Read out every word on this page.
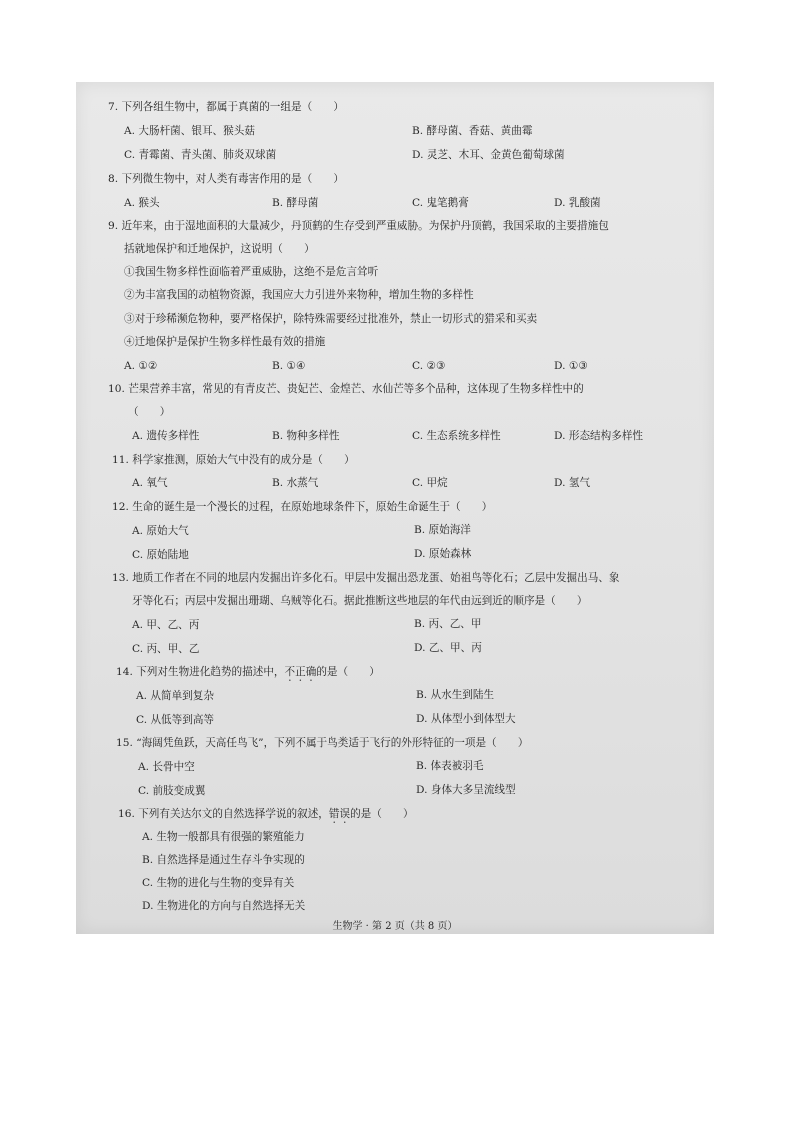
7. 下列各组生物中，都属于真菌的一组是（　　）
A. 大肠杆菌、银耳、猴头菇	B. 酵母菌、香菇、黄曲霉
C. 青霉菌、青头菌、肺炎双球菌	D. 灵芝、木耳、金黄色葡萄球菌
8. 下列微生物中，对人类有毒害作用的是（　　）
A. 猴头	B. 酵母菌	C. 鬼笔鹅膏	D. 乳酸菌
9. 近年来，由于湿地面积的大量减少，丹顶鹤的生存受到严重威胁。为保护丹顶鹤，我国采取的主要措施包
括就地保护和迁地保护，这说明（　　）
①我国生物多样性面临着严重威胁，这绝不是危言耸听
②为丰富我国的动植物资源，我国应大力引进外来物种，增加生物的多样性
③对于珍稀濒危物种，要严格保护，除特殊需要经过批准外，禁止一切形式的猎采和买卖
④迁地保护是保护生物多样性最有效的措施
A. ①②	B. ①④	C. ②③	D. ①③
10. 芒果营养丰富，常见的有青皮芒、贵妃芒、金煌芒、水仙芒等多个品种，这体现了生物多样性中的
（　　）
A. 遗传多样性	B. 物种多样性	C. 生态系统多样性	D. 形态结构多样性
11. 科学家推测，原始大气中没有的成分是（　　）
A. 氧气	B. 水蒸气	C. 甲烷	D. 氢气
12. 生命的诞生是一个漫长的过程，在原始地球条件下，原始生命诞生于（　　）
A. 原始大气	B. 原始海洋
C. 原始陆地	D. 原始森林
13. 地质工作者在不同的地层内发掘出许多化石。甲层中发掘出恐龙蛋、始祖鸟等化石；乙层中发掘出马、象
牙等化石；丙层中发掘出珊瑚、乌贼等化石。据此推断这些地层的年代由远到近的顺序是（　　）
A. 甲、乙、丙	B. 丙、乙、甲
C. 丙、甲、乙	D. 乙、甲、丙
14. 下列对生物进化趋势的描述中，不正确的是（　　）
A. 从简单到复杂	B. 从水生到陆生
C. 从低等到高等	D. 从体型小到体型大
15. “海阔凭鱼跃，天高任鸟飞”，下列不属于鸟类适于飞行的外形特征的一项是（　　）
A. 长骨中空	B. 体表被羽毛
C. 前肢变成翼	D. 身体大多呈流线型
16. 下列有关达尔文的自然选择学说的叙述，错误的是（　　）
A. 生物一般都具有很强的繁殖能力
B. 自然选择是通过生存斗争实现的
C. 生物的进化与生物的变异有关
D. 生物进化的方向与自然选择无关
生物学 · 第 2 页（共 8 页）
